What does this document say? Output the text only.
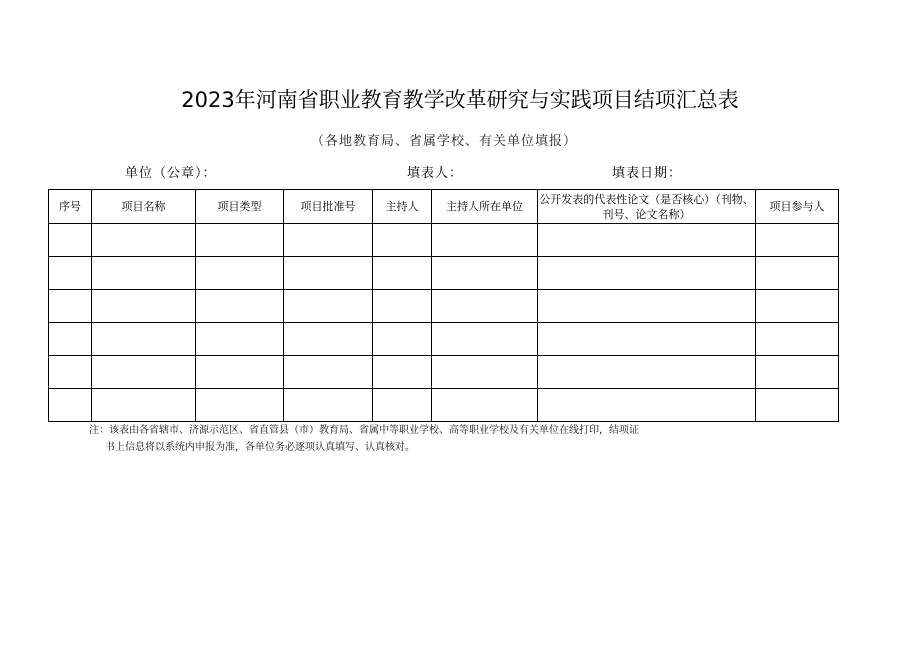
2023年河南省职业教育教学改革研究与实践项目结项汇总表
（各地教育局、省属学校、有关单位填报）
单位（公章）：	填表人：	填表日期：
序号	项目名称	项目类型	项目批准号	主持人	主持人所在单位	公开发表的代表性论文（是否核心）（刊物、刊号、论文名称）	项目参与人

注：该表由各省辖市、济源示范区、省直管县（市）教育局、省属中等职业学校、高等职业学校及有关单位在线打印，结项证
书上信息将以系统内申报为准，各单位务必逐项认真填写、认真核对。
